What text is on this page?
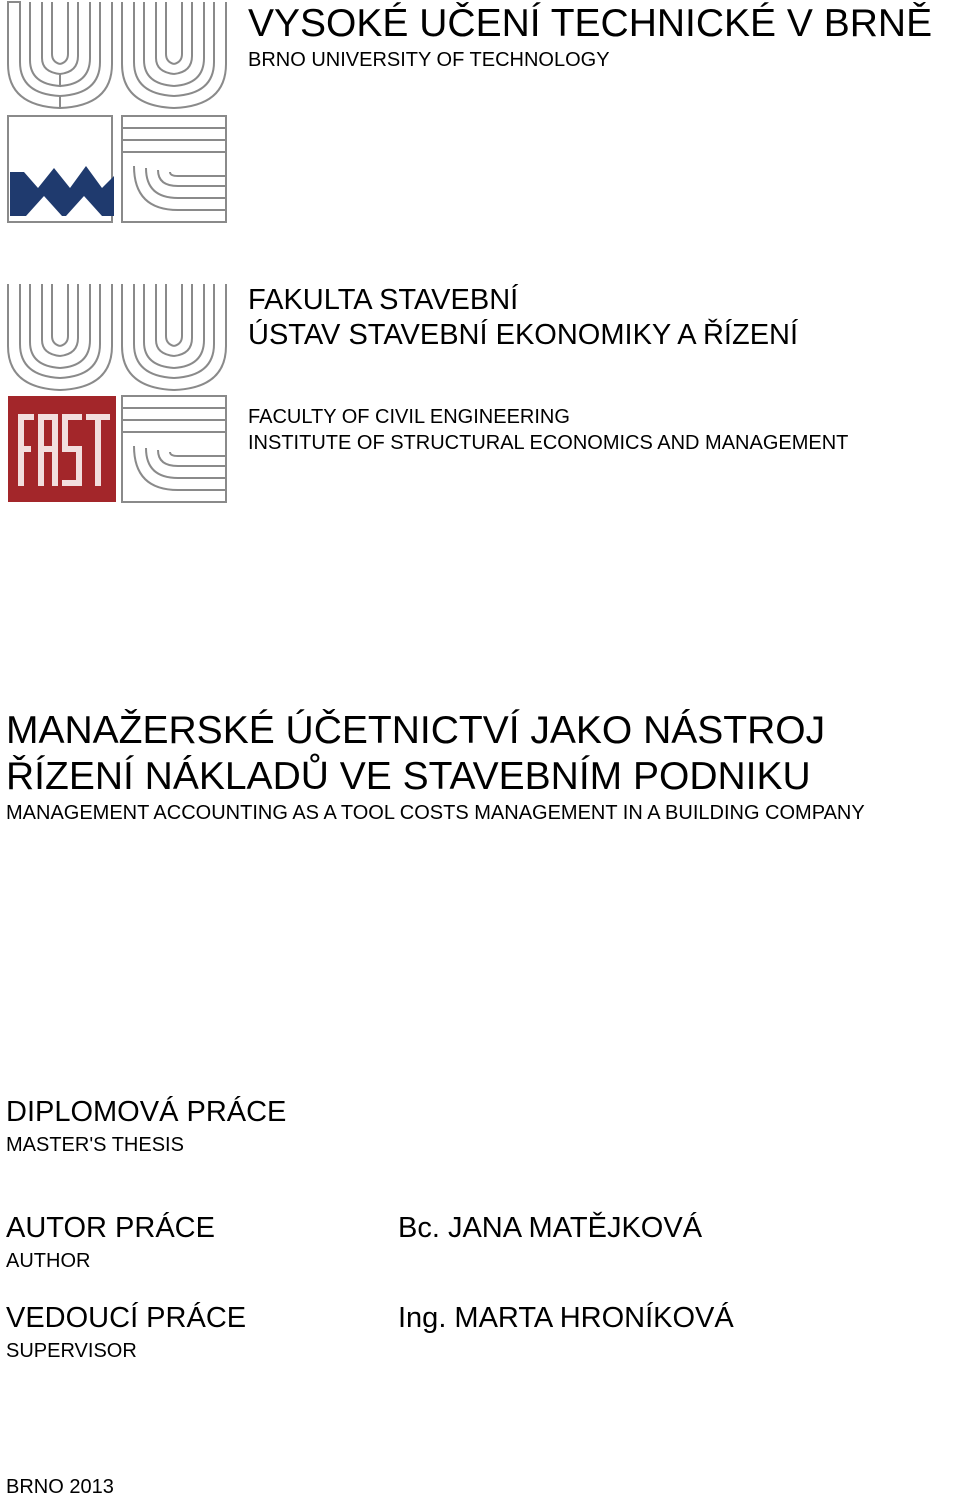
VYSOKÉ UČENÍ TECHNICKÉ V BRNĚ
BRNO UNIVERSITY OF TECHNOLOGY
FAKULTA STAVEBNÍ
ÚSTAV STAVEBNÍ EKONOMIKY A ŘÍZENÍ
FACULTY OF CIVIL ENGINEERING
INSTITUTE OF STRUCTURAL ECONOMICS AND MANAGEMENT
MANAŽERSKÉ ÚČETNICTVÍ JAKO NÁSTROJ
ŘÍZENÍ NÁKLADŮ VE STAVEBNÍM PODNIKU
MANAGEMENT ACCOUNTING AS A TOOL COSTS MANAGEMENT IN A BUILDING COMPANY
DIPLOMOVÁ PRÁCE
MASTER'S THESIS
AUTOR PRÁCE
AUTHOR
Bc. JANA MATĚJKOVÁ
VEDOUCÍ PRÁCE
SUPERVISOR
Ing. MARTA HRONÍKOVÁ
BRNO 2013
